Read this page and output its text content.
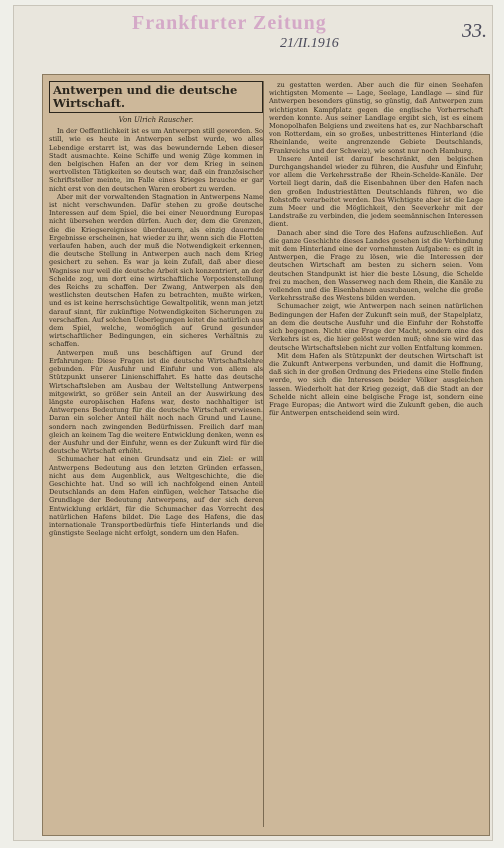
Frankfurter Zeitung
21/II.1916
33.
Antwerpen und die deutsche Wirtschaft.
Von Ulrich Rauscher.

In der Oeffentlichkeit ist es um Antwerpen still geworden. So still, wie es heute in Antwerpen selbst wurde, wo alles Lebendige erstarrt ist, was das bewundernde Leben dieser Stadt ausmachte. Keine Schiffe und wenig Züge kommen in den belgischen Hafen an der vor dem Krieg in seinen wertvollsten Tätigkeiten so deutsch war, daß ein französischer Schriftsteller meinte, im Falle eines Krieges brauche er gar nicht erst von den deutschen Waren erobert zu werden.

Aber mit der vorwaltenden Stagnation in Antwerpens Name ist nicht verschwunden. Dafür stehen zu große deutsche Interessen auf dem Spiel, die bei einer Neuordnung Europas nicht übersehen werden dürfen. Auch der, dem die Grenzen, die die Kriegsereignisse überdauern, als einzig dauernde Ergebnisse erscheinen, hat wieder zu ihr, wenn sich die Flotten verlaufen haben, auch der muß die Notwendigkeit erkennen, die deutsche Stellung in Antwerpen auch nach dem Krieg gesichert zu sehen. Es war ja kein Zufall, daß aber diese Wagnisse nur weil die deutsche Arbeit sich konzentriert, an der Schelde zog, um dort eine wirtschaftliche Vorpostenstellung des Reichs zu schaffen. Der Zwang, Antwerpen als den westlichsten deutschen Hafen zu betrachten, mußte wirken, und es ist keine herrschsüchtige Gewaltpolitik, wenn man jetzt darauf sinnt, für zukünftige Notwendigkeiten Sicherungen zu verschaffen. Auf solchen Ueberlegungen leitet die natürlich aus dem Spiel, welche, womöglich auf Grund gesunder wirtschaftlicher Bedingungen, ein sicheres Verhältnis zu schaffen.

Antwerpen muß uns beschäftigen auf Grund der Erfahrungen: Diese Fragen ist die deutsche Wirtschaftslehre gebunden. Für Ausfuhr und Einfuhr und von allem als Stützpunkt unserer Linienschiffahrt. Es hatte das deutsche Wirtschaftsleben am Ausbau der Weltstellung Antwerpens mitgewirkt, so größer sein Anteil an der Auswirkung des längste europäischen Hafens war, desto nachhaltiger ist Antwerpens Bedeutung für die deutsche Wirtschaft erwiesen. Daran ein solcher Anteil hält noch nach Grund und Laune, sondern nach zwingenden Bedürfnissen. Freilich darf man gleich an keinem Tag die weitere Entwicklung denken, wenn es der Ausfuhr und der Einfuhr, wenn es der Zukunft wird für die deutsche Wirtschaft erhöht.

Schumacher hat einen Grundsatz und ein Ziel: er will Antwerpens Bedeutung aus den letzten Gründen erfassen, nicht aus dem Augenblick, aus Weltgeschichte, die die Geschichte hat. Und so will ich nachfolgend einen Anteil Deutschlands an dem Hafen einfügen, welcher Tatsache die Grundlage der Bedeutung Antwerpens, auf der sich deren Entwicklung erklärt, für die Schumacher das Vorrecht des natürlichen Hafens bildet. Die Lage des Hafens, die das internationale Transportbedürfnis tiefe Hinterlands und die günstigste Seelage nicht erfolgt, sondern um den Hafen.

zu gestatten werden. Aber auch die für einen Seehafen wichtigsten Momente — Lage, Seelage, Landlage — sind für Antwerpen besonders günstig, so günstig, daß Antwerpen zum wichtigsten Kampfplatz gegen die englische Vorherrschaft werden konnte. Aus seiner Landlage ergibt sich, ist es einem Monopolhafen Belgiens und zweitens hat es, zur Nachbarschaft von Rotterdam, ein so großes, unbestrittenes Hinterland (die Rheinlande, weite angrenzende Gebiete Deutschlands, Frankreichs und der Schweiz), wie sonst nur noch Hamburg.

Unsere Anteil ist darauf beschränkt, den belgischen Durchgangshandel wieder zu führen, die Ausfuhr und Einfuhr, vor allem die Verkehrsstraße der Rhein-Schelde-Kanäle. Der Vorteil liegt darin, daß die Eisenbahnen über den Hafen nach den großen Industriestätten Deutschlands führen, wo die Rohstoffe verarbeitet werden. Das Wichtigste aber ist die Lage zum Meer und die Möglichkeit, den Seeverkehr mit der Landstraße zu verbinden, die jedem seemännischen Interessen dient.

Danach aber sind die Tore des Hafens aufzuschließen. Auf die ganze Geschichte dieses Landes gesehen ist die Verbindung mit dem Hinterland eine der vornehmsten Aufgaben: es gilt in Antwerpen, die Frage zu lösen, wie die Interessen der deutschen Wirtschaft am besten zu sichern seien. Vom deutschen Standpunkt ist hier die beste Lösung, die Schelde frei zu machen, den Wasserweg nach dem Rhein, die Kanäle zu vollenden und die Eisenbahnen auszubauen, welche die große Verkehrsstraße des Westens bilden werden.

Schumacher zeigt, wie Antwerpen nach seinen natürlichen Bedingungen der Hafen der Zukunft sein muß, der Stapelplatz, an dem die deutsche Ausfuhr und die Einfuhr der Rohstoffe sich begegnen. Nicht eine Frage der Macht, sondern eine des Verkehrs ist es, die hier gelöst werden muß; ohne sie wird das deutsche Wirtschaftsleben nicht zur vollen Entfaltung kommen.

Mit dem Hafen als Stützpunkt der deutschen Wirtschaft ist die Zukunft Antwerpens verbunden, und damit die Hoffnung, daß sich in der großen Ordnung des Friedens eine Stelle finden werde, wo sich die Interessen beider Völker ausgleichen lassen. Wiederholt hat der Krieg gezeigt, daß die Stadt an der Schelde nicht allein eine belgische Frage ist, sondern eine Frage Europas; die Antwort wird die Zukunft geben, die auch für Antwerpen entscheidend sein wird.
